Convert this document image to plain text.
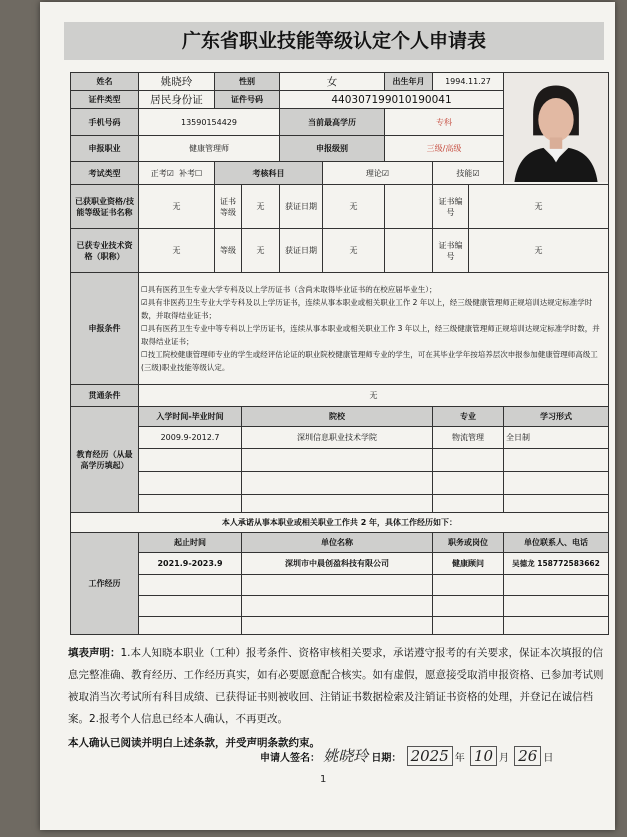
广东省职业技能等级认定个人申请表
姓名	姚晓玲	性别		女		出生年月	1994.11.27	
证件类型	居民身份证	证件号码		440307199010190041					
手机号码	13590154429			当前最高学历		专科			
申报职业	健康管理师			申报级别		三级/高级			
考试类型	正考☑ 补考☐	考核科目			理论☑		技能☑		
已获职业资格/技能等级证书名称	无	证书等级	无	获证日期	无		证书编号	无	
已获专业技术资格（职称）	无	等级	无	获证日期	无		证书编号	无	
申报条件	☐具有医药卫生专业大学专科及以上学历证书（含尚未取得毕业证书的在校应届毕业生）；

☑具有非医药卫生专业大学专科及以上学历证书，连续从事本职业或相关职业工作 2 年以上，经三级健康管理师正规培训达规定标准学时数，并取得结业证书；

☐具有医药卫生专业中等专科以上学历证书，连续从事本职业或相关职业工作 3 年以上，经三级健康管理师正规培训达规定标准学时数，并取得结业证书；

☐技工院校健康管理师专业的学生或经评估论证的职业院校健康管理师专业的学生，可在其毕业学年按培养层次申报参加健康管理师高级工(三级)职业技能等级认定。								

贯通条件	无								
教育经历（从最高学历填起）	入学时间-毕业时间		院校				专业		学习形式
	2009.9-2012.7		深圳信息职业技术学院				物流管理		全日制

本人承诺从事本职业或相关职业工作共 2 年，具体工作经历如下：									
工作经历	起止时间		单位名称				职务或岗位		单位联系人、电话
	2021.9-2023.9		深圳市中晨创盈科技有限公司				健康顾问		吴德龙 15877258366​2

填表声明：1.本人知晓本职业（工种）报考条件、资格审核相关要求，承诺遵守报考的有关要求，保证本次填报的信息完整准确、教育经历、工作经历真实，如有必要愿意配合核实。如有虚假，愿意接受取消申报资格、已参加考试则被取消当次考试所有科目成绩、已获得证书则被收回、注销证书数据检索及注销证书资格的处理，并登记在诚信档案。2.报考个人信息已经本人确认，不再更改。
本人确认已阅读并明白上述条款，并受声明条款约束。
申请人签名： 姚晓玲 日期： 2025 年 10 月 26 日
1
